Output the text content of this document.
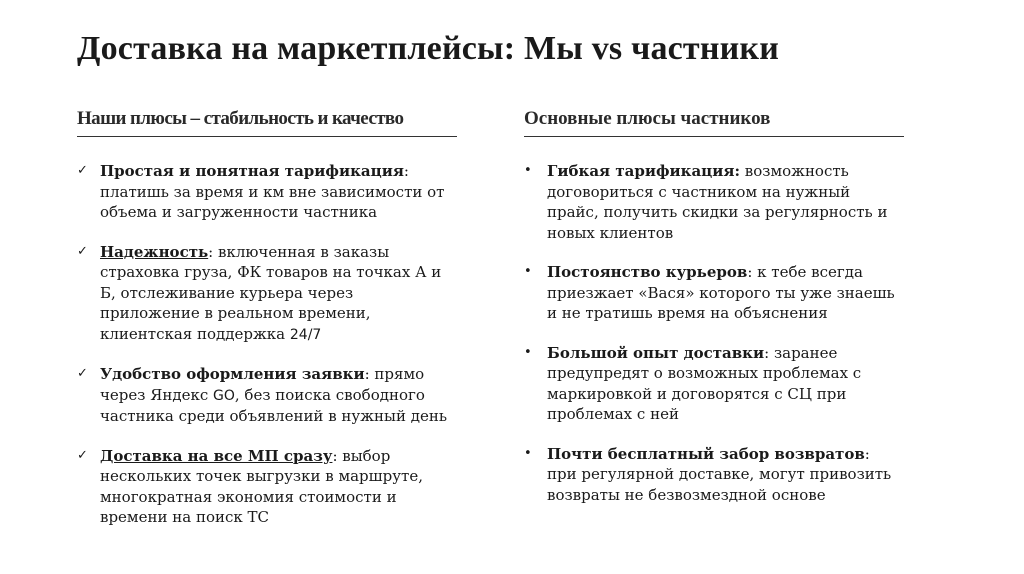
Доставка на маркетплейсы: Мы vs частники
Наши плюсы – стабильность и качество
✓ Простая и понятная тарификация: платишь за время и км вне зависимости от объема и загруженности частника
✓ Надежность: включенная в заказы страховка груза, ФК товаров на точках А и Б, отслеживание курьера через приложение в реальном времени, клиентская поддержка 24/7
✓ Удобство оформления заявки: прямо через Яндекс GO, без поиска свободного частника среди объявлений в нужный день
✓ Доставка на все МП сразу: выбор нескольких точек выгрузки в маршруте, многократная экономия стоимости и времени на поиск ТС
Основные плюсы частников
• Гибкая тарификация: возможность договориться с частником на нужный прайс, получить скидки за регулярность и новых клиентов
• Постоянство курьеров: к тебе всегда приезжает «Вася» которого ты уже знаешь и не тратишь время на объяснения
• Большой опыт доставки: заранее предупредят о возможных проблемах с маркировкой и договорятся с СЦ при проблемах с ней
• Почти бесплатный забор возвратов: при регулярной доставке, могут привозить возвраты не безвозмездной основе
